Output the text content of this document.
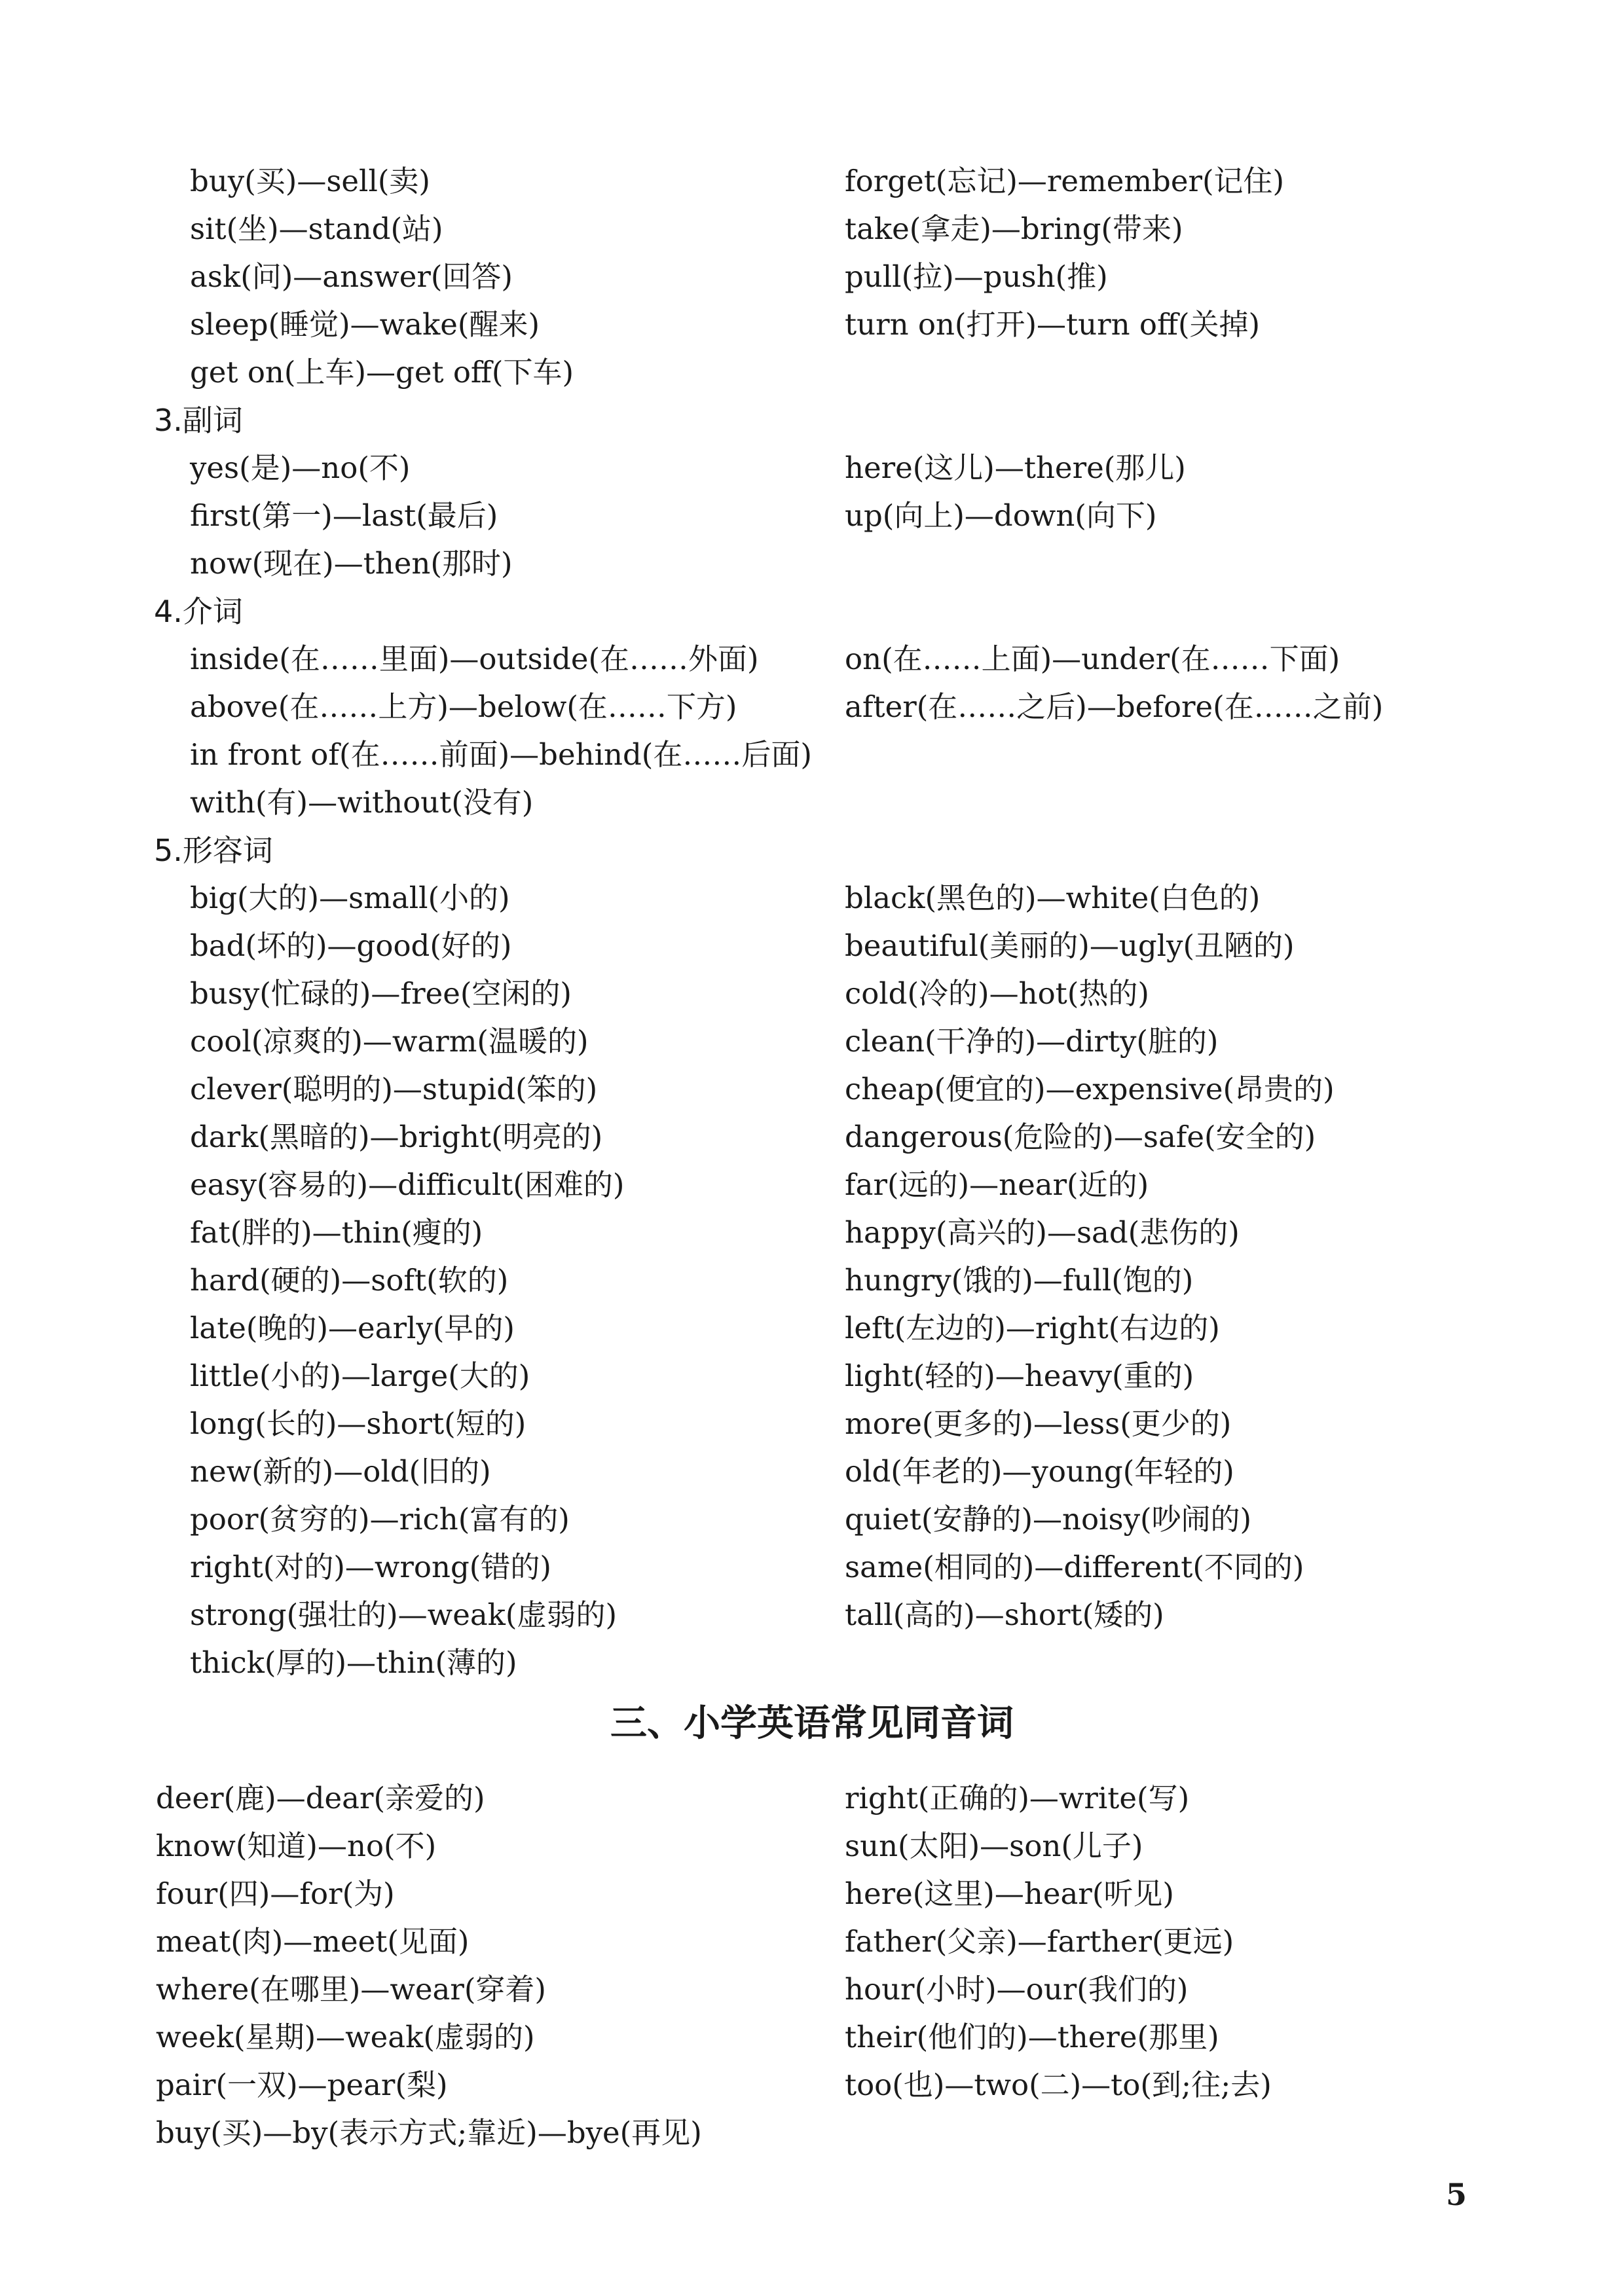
buy(买)—sell(卖)
sit(坐)—stand(站)
ask(问)—answer(回答)
sleep(睡觉)—wake(醒来)
get on(上车)—get off(下车)
forget(忘记)—remember(记住)
take(拿走)—bring(带来)
pull(拉)—push(推)
turn on(打开)—turn off(关掉)
3.副词
yes(是)—no(不)
first(第一)—last(最后)
now(现在)—then(那时)
here(这儿)—there(那儿)
up(向上)—down(向下)
4.介词
inside(在……里面)—outside(在……外面)
above(在……上方)—below(在……下方)
in front of(在……前面)—behind(在……后面)
with(有)—without(没有)
on(在……上面)—under(在……下面)
after(在……之后)—before(在……之前)
5.形容词
big(大的)—small(小的)
bad(坏的)—good(好的)
busy(忙碌的)—free(空闲的)
cool(凉爽的)—warm(温暖的)
clever(聪明的)—stupid(笨的)
dark(黑暗的)—bright(明亮的)
easy(容易的)—difficult(困难的)
fat(胖的)—thin(瘦的)
hard(硬的)—soft(软的)
late(晚的)—early(早的)
little(小的)—large(大的)
long(长的)—short(短的)
new(新的)—old(旧的)
poor(贫穷的)—rich(富有的)
right(对的)—wrong(错的)
strong(强壮的)—weak(虚弱的)
thick(厚的)—thin(薄的)
black(黑色的)—white(白色的)
beautiful(美丽的)—ugly(丑陋的)
cold(冷的)—hot(热的)
clean(干净的)—dirty(脏的)
cheap(便宜的)—expensive(昂贵的)
dangerous(危险的)—safe(安全的)
far(远的)—near(近的)
happy(高兴的)—sad(悲伤的)
hungry(饿的)—full(饱的)
left(左边的)—right(右边的)
light(轻的)—heavy(重的)
more(更多的)—less(更少的)
old(年老的)—young(年轻的)
quiet(安静的)—noisy(吵闹的)
same(相同的)—different(不同的)
tall(高的)—short(矮的)
三、小学英语常见同音词
deer(鹿)—dear(亲爱的)
know(知道)—no(不)
four(四)—for(为)
meat(肉)—meet(见面)
where(在哪里)—wear(穿着)
week(星期)—weak(虚弱的)
pair(一双)—pear(梨)
buy(买)—by(表示方式;靠近)—bye(再见)
right(正确的)—write(写)
sun(太阳)—son(儿子)
here(这里)—hear(听见)
father(父亲)—farther(更远)
hour(小时)—our(我们的)
their(他们的)—there(那里)
too(也)—two(二)—to(到;往;去)
5
